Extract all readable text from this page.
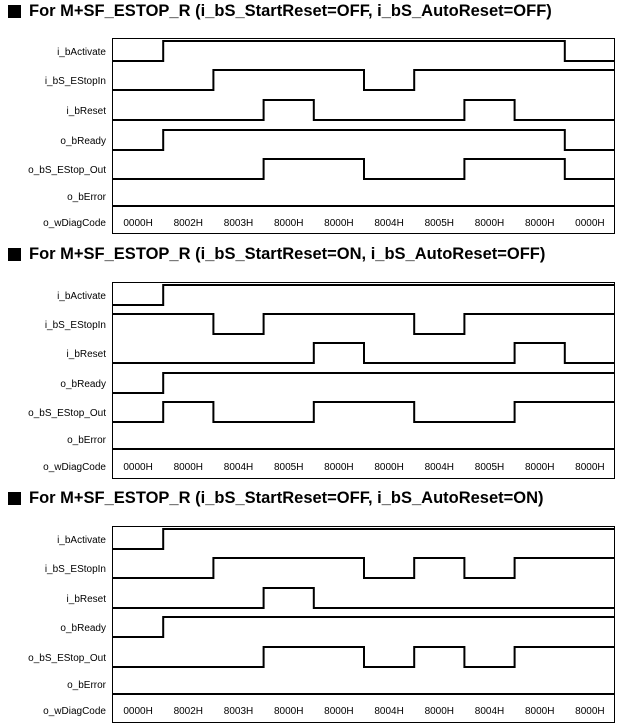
For M+SF_ESTOP_R (i_bS_StartReset=OFF, i_bS_AutoReset=OFF)
i_bActivate
i_bS_EStopIn
i_bReset
o_bReady
o_bS_EStop_Out
o_bError
o_wDiagCode 0000H 8002H 8003H 8000H 8000H 8004H 8005H 8000H 8000H 0000H
For M+SF_ESTOP_R (i_bS_StartReset=ON, i_bS_AutoReset=OFF)
i_bActivate
i_bS_EStopIn
i_bReset
o_bReady
o_bS_EStop_Out
o_bError
o_wDiagCode 0000H 8000H 8004H 8005H 8000H 8000H 8004H 8005H 8000H 8000H
For M+SF_ESTOP_R (i_bS_StartReset=OFF, i_bS_AutoReset=ON)
i_bActivate
i_bS_EStopIn
i_bReset
o_bReady
o_bS_EStop_Out
o_bError
o_wDiagCode 0000H 8002H 8003H 8000H 8000H 8004H 8000H 8004H 8000H 8000H
